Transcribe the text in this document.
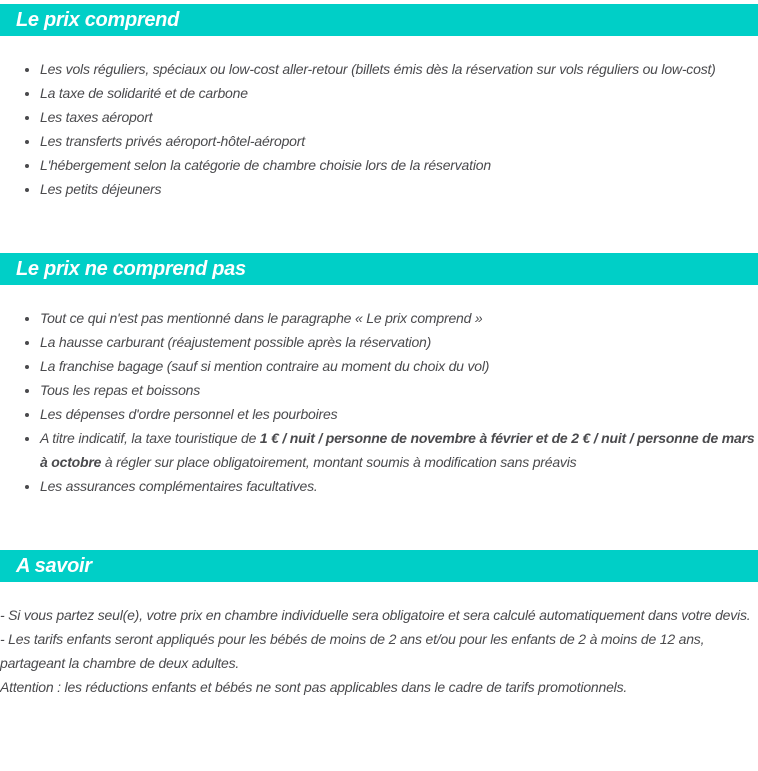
Le prix comprend
• Les vols réguliers, spéciaux ou low-cost aller-retour (billets émis dès la réservation sur vols réguliers ou low-cost)
• La taxe de solidarité et de carbone
• Les taxes aéroport
• Les transferts privés aéroport-hôtel-aéroport
• L'hébergement selon la catégorie de chambre choisie lors de la réservation
• Les petits déjeuners
Le prix ne comprend pas
• Tout ce qui n'est pas mentionné dans le paragraphe « Le prix comprend »
• La hausse carburant (réajustement possible après la réservation)
• La franchise bagage (sauf si mention contraire au moment du choix du vol)
• Tous les repas et boissons
• Les dépenses d'ordre personnel et les pourboires
• A titre indicatif, la taxe touristique de 1 € / nuit / personne de novembre à février et de 2 € / nuit / personne de mars à octobre à régler sur place obligatoirement, montant soumis à modification sans préavis
• Les assurances complémentaires facultatives.
A savoir
- Si vous partez seul(e), votre prix en chambre individuelle sera obligatoire et sera calculé automatiquement dans votre devis.
- Les tarifs enfants seront appliqués pour les bébés de moins de 2 ans et/ou pour les enfants de 2 à moins de 12 ans, partageant la chambre de deux adultes.
Attention : les réductions enfants et bébés ne sont pas applicables dans le cadre de tarifs promotionnels.
